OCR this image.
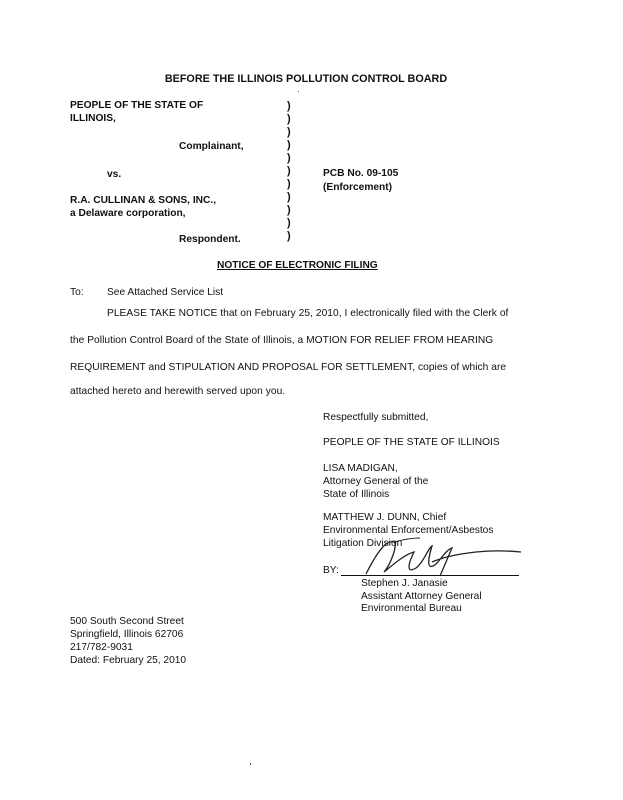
BEFORE THE ILLINOIS POLLUTION CONTROL BOARD
PEOPLE OF THE STATE OF
ILLINOIS,
Complainant,
vs.
R.A. CULLINAN & SONS, INC.,
a Delaware corporation,
Respondent.
)
)
)
)
)
)
)
)
)
)
)
PCB No. 09-105
(Enforcement)
NOTICE OF ELECTRONIC FILING
To: See Attached Service List
PLEASE TAKE NOTICE that on February 25, 2010, I electronically filed with the Clerk of
the Pollution Control Board of the State of Illinois, a MOTION FOR RELIEF FROM HEARING
REQUIREMENT and STIPULATION AND PROPOSAL FOR SETTLEMENT, copies of which are
attached hereto and herewith served upon you.
Respectfully submitted,
PEOPLE OF THE STATE OF ILLINOIS
LISA MADIGAN,
Attorney General of the
State of Illinois
MATTHEW J. DUNN, Chief
Environmental Enforcement/Asbestos
Litigation Division
BY:
Stephen J. Janasie
Assistant Attorney General
Environmental Bureau
500 South Second Street
Springfield, Illinois 62706
217/782-9031
Dated: February 25, 2010
